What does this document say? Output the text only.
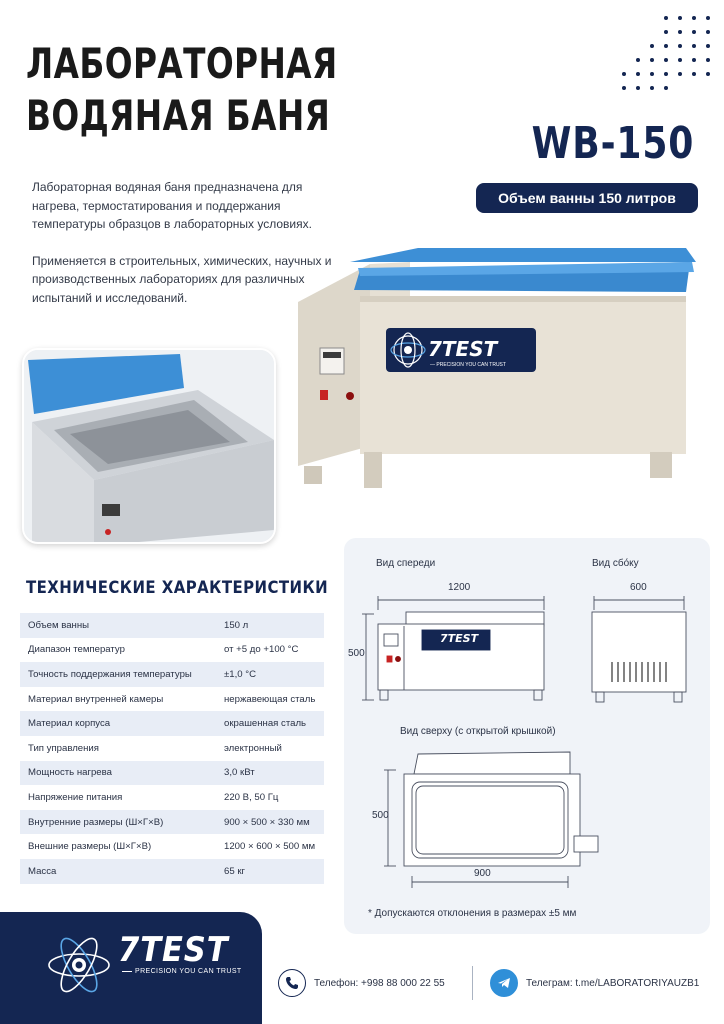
ЛАБОРАТОРНАЯ
ВОДЯНАЯ БАНЯ
WB-150
Объем ванны 150 литров

Лабораторная водяная баня предназначена для нагрева, термостатирования и поддержания температуры образцов в лабораторных условиях.

Применяется в строительных, химических, научных и производственных лабораториях для различных испытаний и исследований.

7TEST
— PRECISION YOU CAN TRUST
ТЕХНИЧЕСКИЕ ХАРАКТЕРИСТИКИ
Объем ванны	150 л
Диапазон температур	от +5 до +100 °C
Точность поддержания температуры	±1,0 °C
Материал внутренней камеры	нержавеющая сталь
Материал корпуса	окрашенная сталь
Тип управления	электронный
Мощность нагрева	3,0 кВт
Напряжение питания	220 В, 50 Гц
Внутренние размеры (Ш×Г×В)	900 × 500 × 330 мм
Внешние размеры (Ш×Г×В)	1200 × 600 × 500 мм
Масса	65 кг
7TEST
Вид спереди	Вид сбо́ку
1200
500
600
Вид сверху (с открытой крышкой)
500
900
* Допускаются отклонения в размерах ±5 мм
7TEST
PRECISION YOU CAN TRUST
Телефон: +998 88 000 22 55	Телеграм: t.me/LABORATORIYAUZB1
